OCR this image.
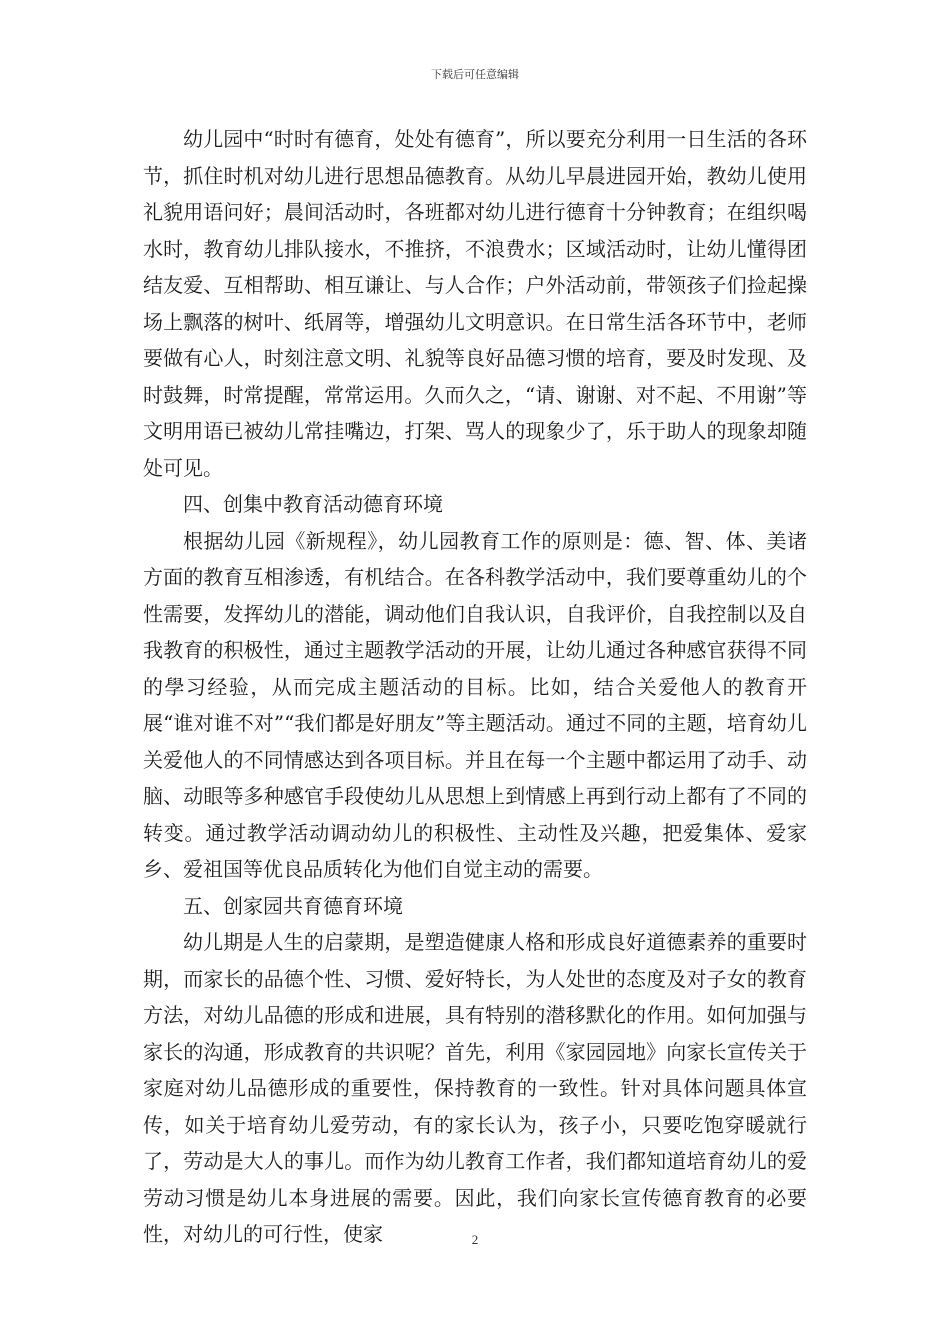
下载后可任意编辑

幼儿园中“时时有德育，处处有德育”，所以要充分利用一日生活的各环节，抓住时机对幼儿进行思想品德教育。从幼儿早晨进园开始，教幼儿使用礼貌用语问好；晨间活动时，各班都对幼儿进行德育十分钟教育；在组织喝水时，教育幼儿排队接水，不推挤，不浪费水；区域活动时，让幼儿懂得团结友爱、互相帮助、相互谦让、与人合作；户外活动前，带领孩子们捡起操场上飘落的树叶、纸屑等，增强幼儿文明意识。在日常生活各环节中，老师要做有心人，时刻注意文明、礼貌等良好品德习惯的培育，要及时发现、及时鼓舞，时常提醒，常常运用。久而久之，“请、谢谢、对不起、不用谢”等文明用语已被幼儿常挂嘴边，打架、骂人的现象少了，乐于助人的现象却随处可见。

四、创集中教育活动德育环境

根据幼儿园《新规程》，幼儿园教育工作的原则是：德、智、体、美诸方面的教育互相渗透，有机结合。在各科教学活动中，我们要尊重幼儿的个性需要，发挥幼儿的潜能，调动他们自我认识，自我评价，自我控制以及自我教育的积极性，通过主题教学活动的开展，让幼儿通过各种感官获得不同的學习经验，从而完成主题活动的目标。比如，结合关爱他人的教育开展“谁对谁不对”“我们都是好朋友”等主题活动。通过不同的主题，培育幼儿关爱他人的不同情感达到各项目标。并且在每一个主题中都运用了动手、动脑、动眼等多种感官手段使幼儿从思想上到情感上再到行动上都有了不同的转变。通过教学活动调动幼儿的积极性、主动性及兴趣，把爱集体、爱家乡、爱祖国等优良品质转化为他们自觉主动的需要。

五、创家园共育德育环境

幼儿期是人生的启蒙期，是塑造健康人格和形成良好道德素养的重要时期，而家长的品德个性、习惯、爱好特长，为人处世的态度及对子女的教育方法，对幼儿品德的形成和进展，具有特别的潜移默化的作用。如何加强与家长的沟通，形成教育的共识呢？首先，利用《家园园地》向家长宣传关于家庭对幼儿品德形成的重要性，保持教育的一致性。针对具体问题具体宣传，如关于培育幼儿爱劳动，有的家长认为，孩子小，只要吃饱穿暖就行了，劳动是大人的事儿。而作为幼儿教育工作者，我们都知道培育幼儿的爱劳动习惯是幼儿本身进展的需要。因此，我们向家长宣传德育教育的必要性，对幼儿的可行性，使家	2
